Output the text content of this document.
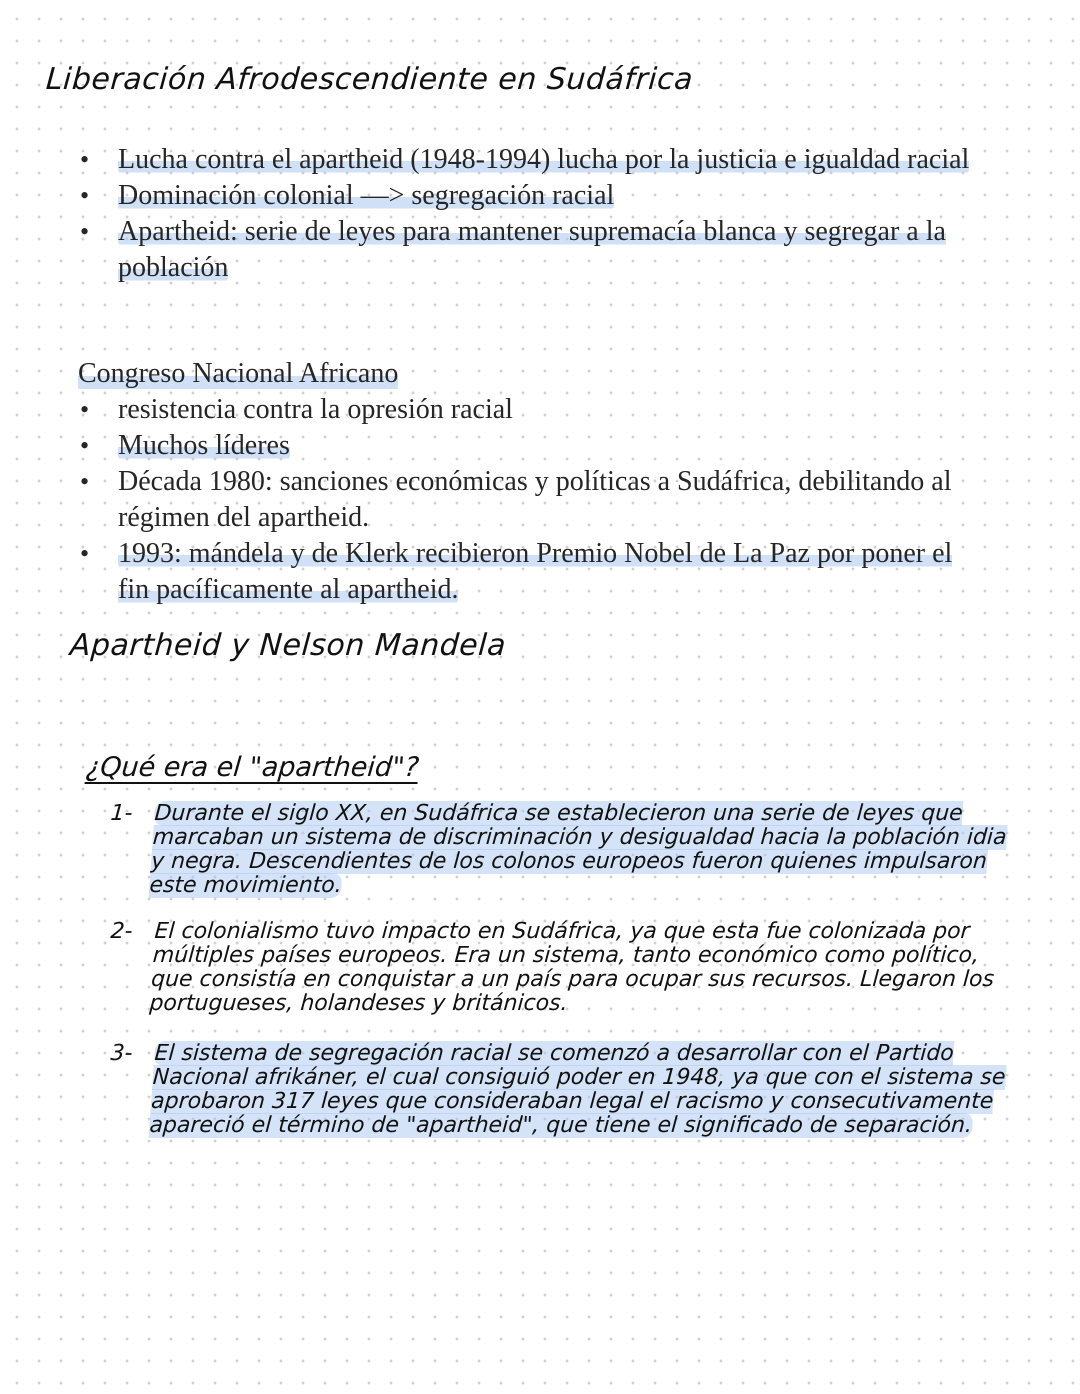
Liberación Afrodescendiente en Sudáfrica
• Lucha contra el apartheid (1948-1994) lucha por la justicia e igualdad racial
• Dominación colonial —> segregación racial
• Apartheid: serie de leyes para mantener supremacía blanca y segregar a la población
Congreso Nacional Africano
• resistencia contra la opresión racial
• Muchos líderes
• Década 1980: sanciones económicas y políticas a Sudáfrica, debilitando al régimen del apartheid.
• 1993: mándela y de Klerk recibieron Premio Nobel de La Paz por poner el fin pacíficamente al apartheid.
Apartheid y Nelson Mandela
¿Qué era el "apartheid"?
1- Durante el siglo XX, en Sudáfrica se establecieron una serie de leyes que marcaban un sistema de discriminación y desigualdad hacia la población idia y negra. Descendientes de los colonos europeos fueron quienes impulsaron este movimiento.
2- El colonialismo tuvo impacto en Sudáfrica, ya que esta fue colonizada por múltiples países europeos. Era un sistema, tanto económico como político, que consistía en conquistar a un país para ocupar sus recursos. Llegaron los portugueses, holandeses y británicos.
3- El sistema de segregación racial se comenzó a desarrollar con el Partido Nacional afrikáner, el cual consiguió poder en 1948, ya que con el sistema se aprobaron 317 leyes que consideraban legal el racismo y consecutivamente apareció el término de "apartheid", que tiene el significado de separación.
